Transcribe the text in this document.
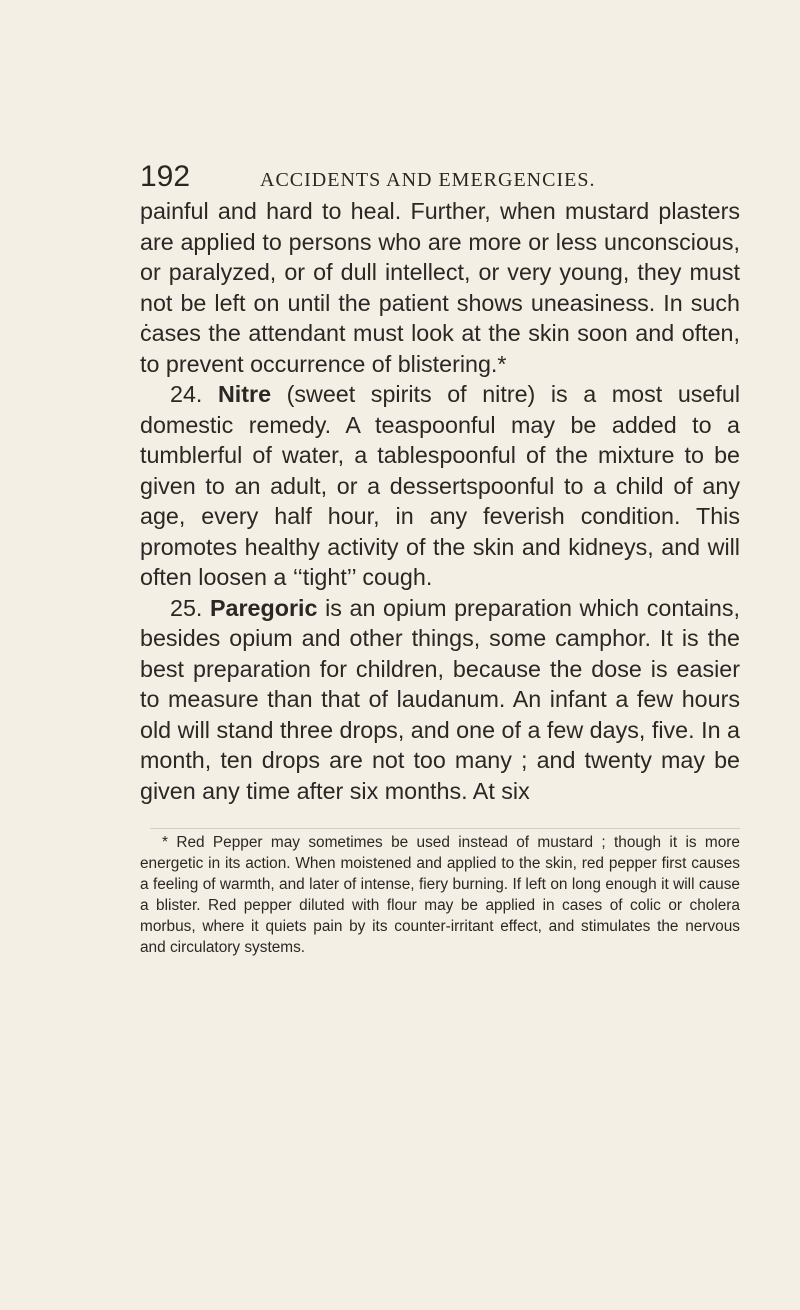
192	ACCIDENTS AND EMERGENCIES.

painful and hard to heal. Further, when mustard plasters are applied to persons who are more or less unconscious, or paralyzed, or of dull intellect, or very young, they must not be left on until the patient shows uneasiness. In such ċases the attendant must look at the skin soon and often, to prevent occurrence of blistering.*

24. Nitre (sweet spirits of nitre) is a most useful domestic remedy. A teaspoonful may be added to a tumblerful of water, a tablespoonful of the mixture to be given to an adult, or a dessertspoonful to a child of any age, every half hour, in any feverish condition. This promotes healthy activity of the skin and kidneys, and will often loosen a ‘‘tight’’ cough.

25. Paregoric is an opium preparation which contains, besides opium and other things, some camphor. It is the best preparation for children, because the dose is easier to measure than that of laudanum. An infant a few hours old will stand three drops, and one of a few days, five. In a month, ten drops are not too many ; and twenty may be given any time after six months. At six

* Red Pepper may sometimes be used instead of mustard ; though it is more energetic in its action. When moistened and applied to the skin, red pepper first causes a feeling of warmth, and later of intense, fiery burning. If left on long enough it will cause a blister. Red pepper diluted with flour may be applied in cases of colic or cholera morbus, where it quiets pain by its counter-irritant effect, and stimulates the nervous and circulatory systems.
